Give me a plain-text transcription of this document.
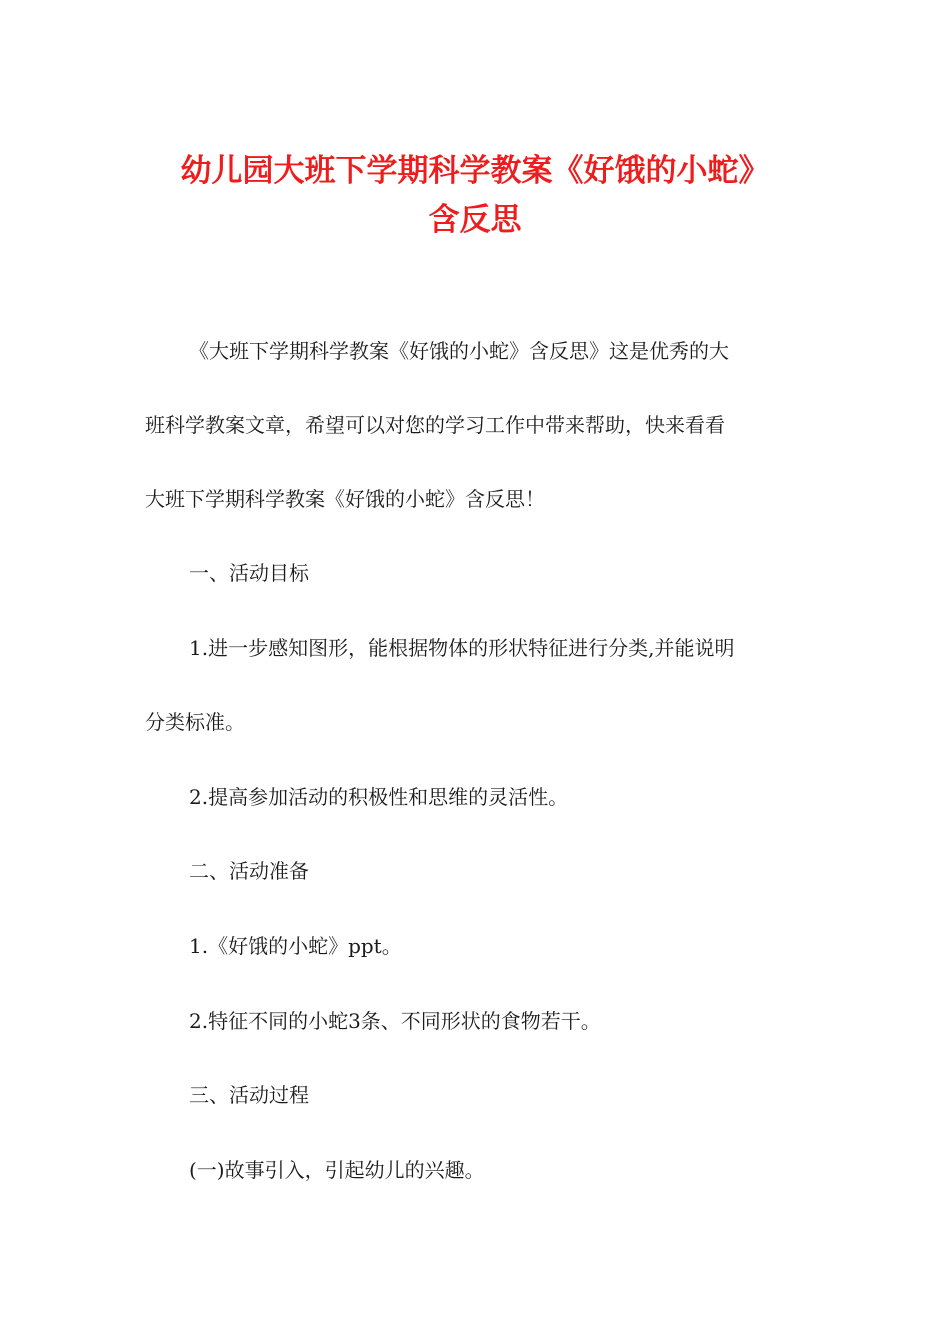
幼儿园大班下学期科学教案《好饿的小蛇》
含反思

《大班下学期科学教案《好饿的小蛇》含反思》这是优秀的大

班科学教案文章，希望可以对您的学习工作中带来帮助，快来看看

大班下学期科学教案《好饿的小蛇》含反思！

一、活动目标

1.进一步感知图形，能根据物体的形状特征进行分类,并能说明

分类标准。

2.提高参加活动的积极性和思维的灵活性。

二、活动准备

1.《好饿的小蛇》ppt。

2.特征不同的小蛇3条、不同形状的食物若干。

三、活动过程

(一)故事引入，引起幼儿的兴趣。
